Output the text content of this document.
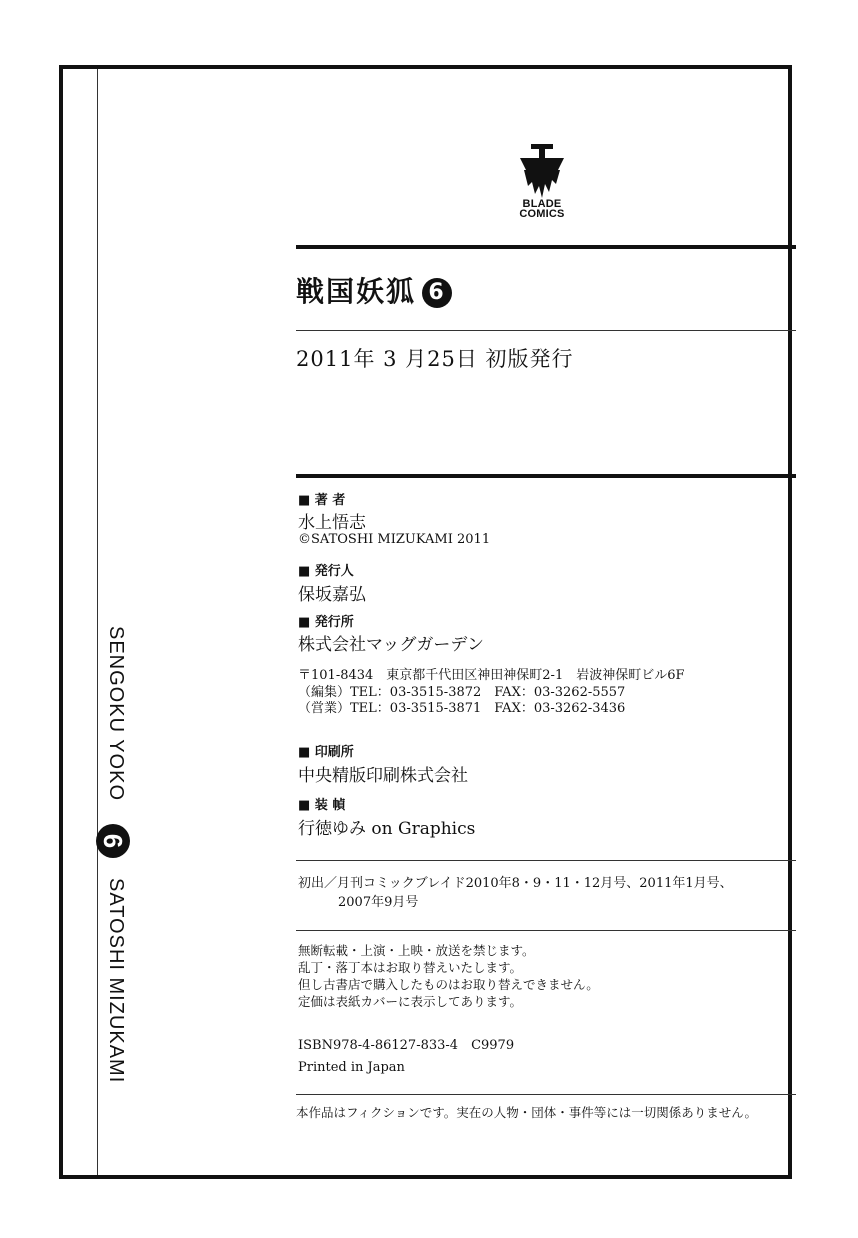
SENGOKU YOKO
6
SATOSHI MIZUKAMI
BLADE
COMICS
戦国妖狐 6
2011年 3 月25日 初版発行
■ 著 者
水上悟志
©SATOSHI MIZUKAMI 2011
■ 発行人
保坂嘉弘
■ 発行所
株式会社マッグガーデン
〒101-8434　東京都千代田区神田神保町2-1　岩波神保町ビル6F
（編集）TEL：03-3515-3872　FAX：03-3262-5557
（営業）TEL：03-3515-3871　FAX：03-3262-3436
■ 印刷所
中央精版印刷株式会社
■ 装 幀
行徳ゆみ on Graphics
初出／月刊コミックブレイド2010年8・9・11・12月号、2011年1月号、
2007年9月号
無断転載・上演・上映・放送を禁じます。
乱丁・落丁本はお取り替えいたします。
但し古書店で購入したものはお取り替えできません。
定価は表紙カバーに表示してあります。
ISBN978-4-86127-833-4　C9979
Printed in Japan
本作品はフィクションです。実在の人物・団体・事件等には一切関係ありません。
